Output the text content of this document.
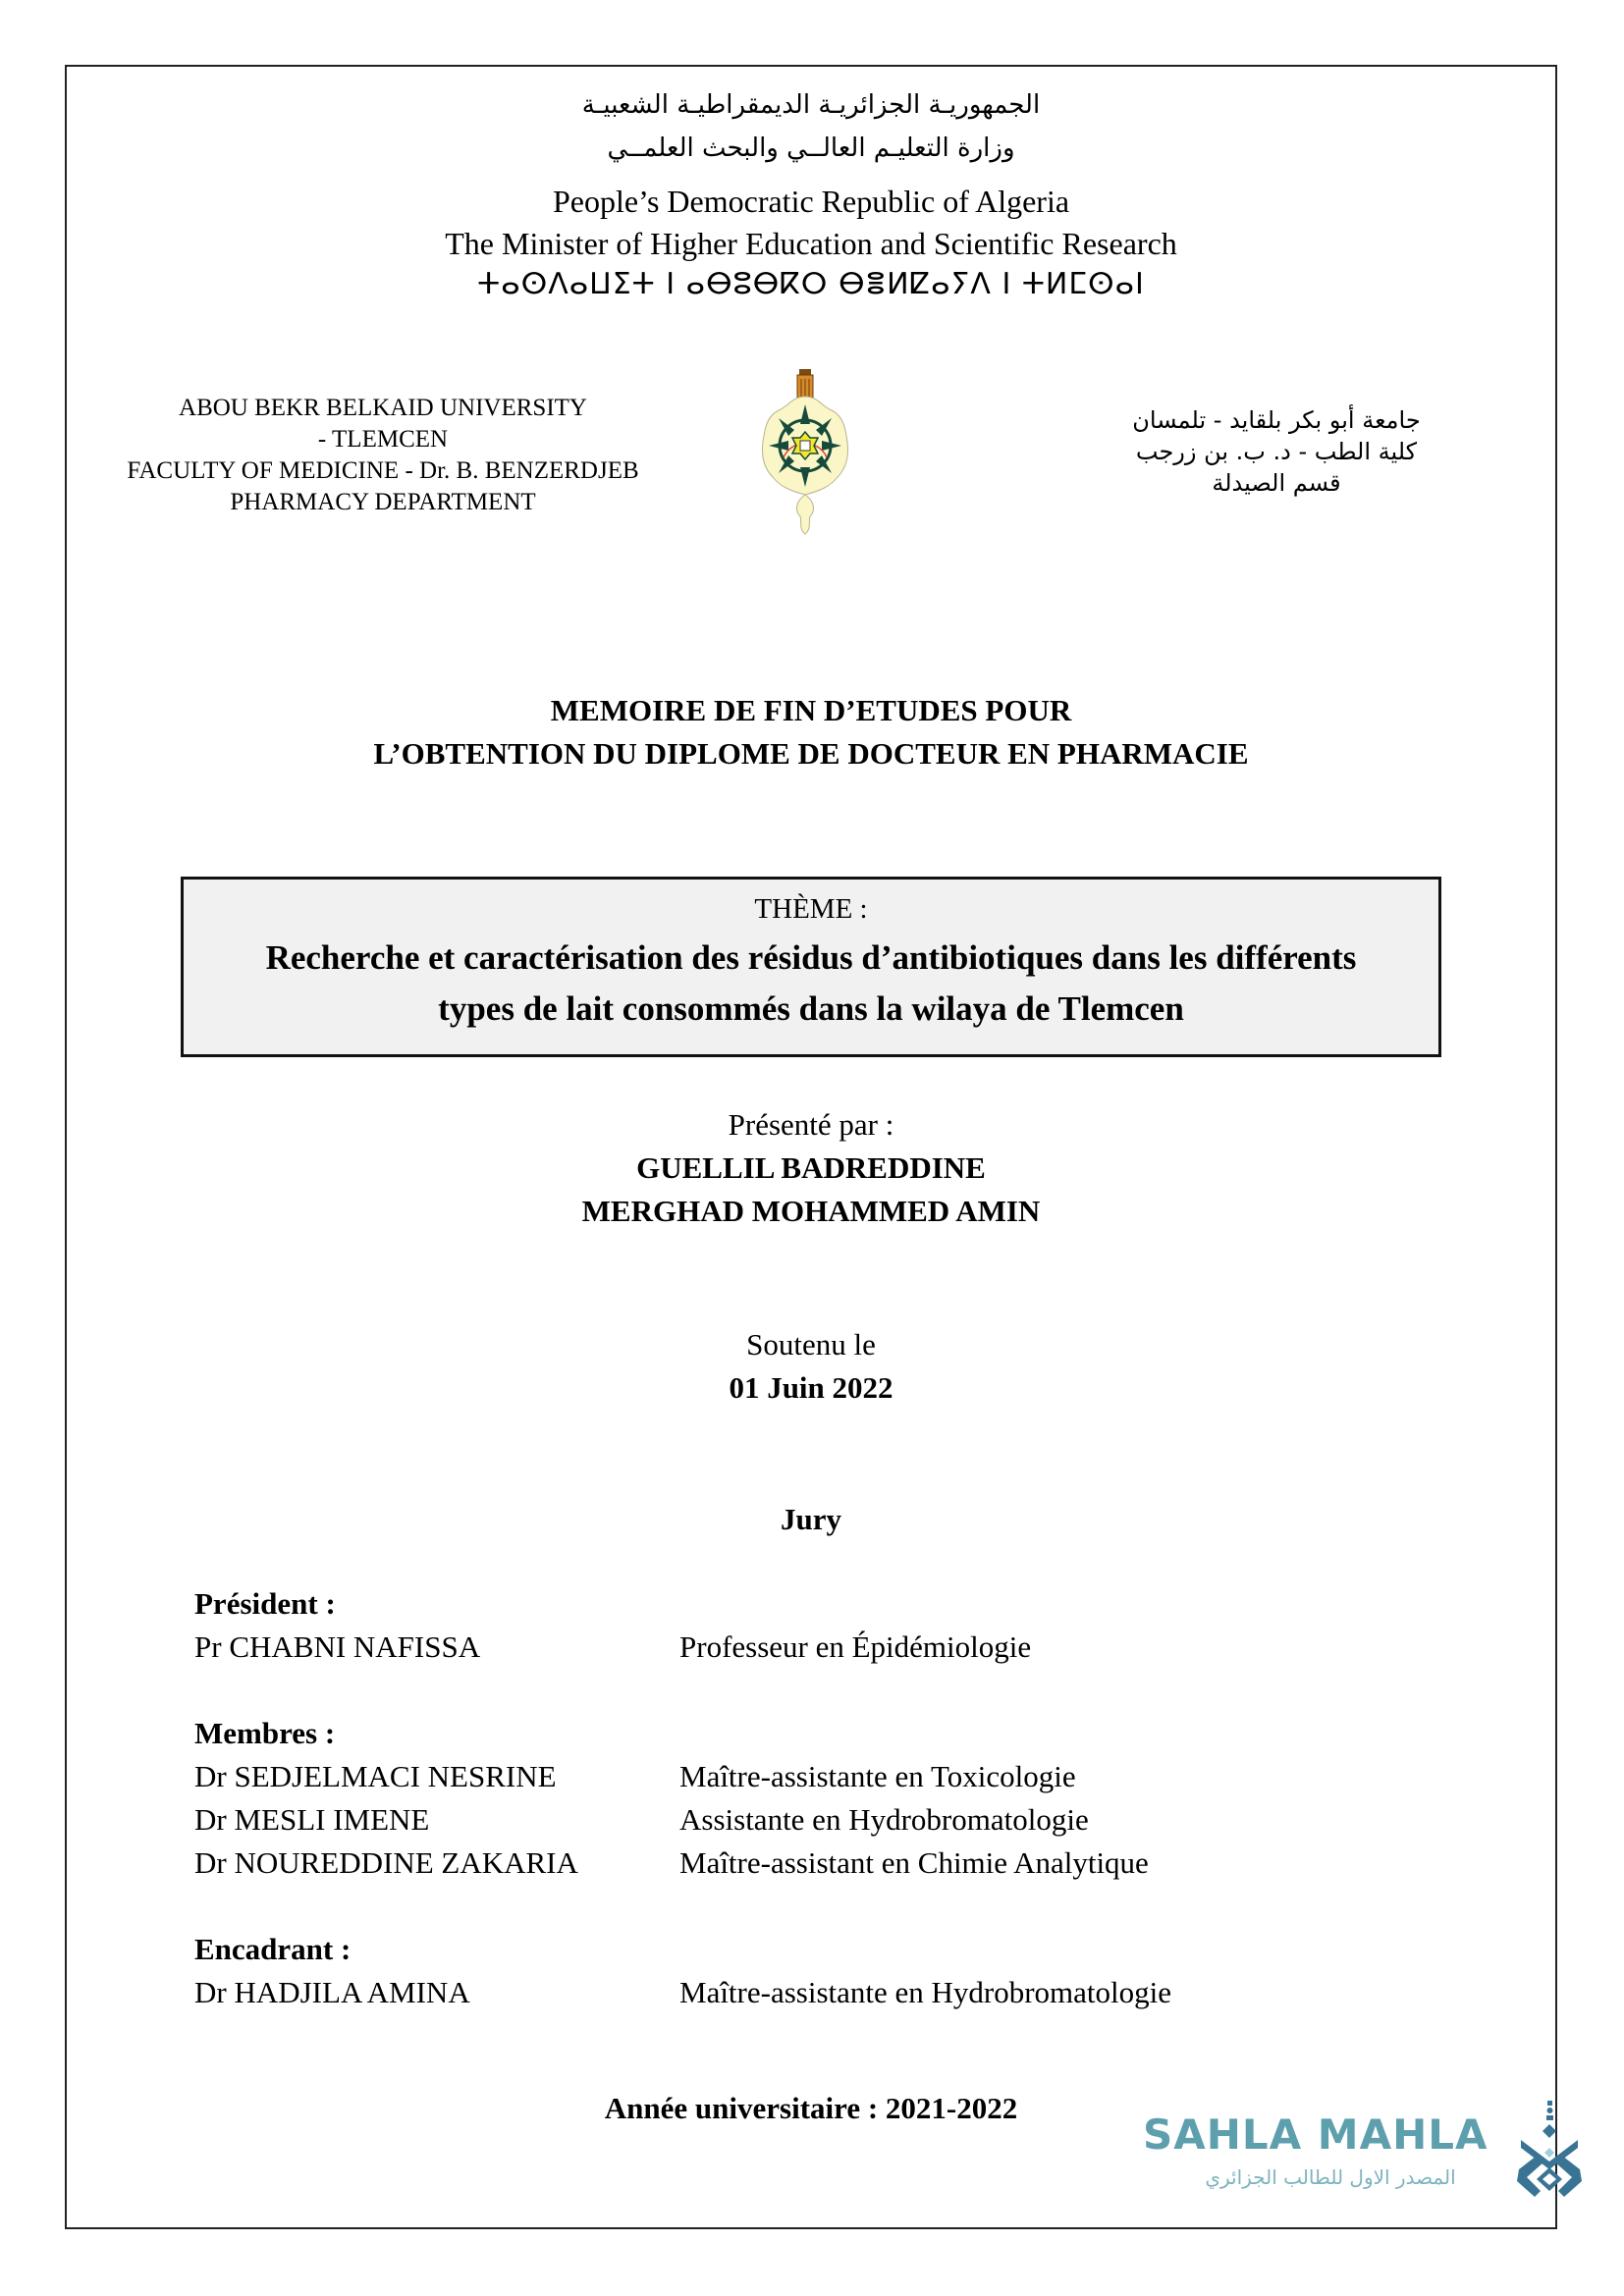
الجمهوريـة الجزائريـة الديمقراطيـة الشعبيـة
وزارة التعليـم العالــي والبحث العلمــي
People’s Democratic Republic of Algeria
The Minister of Higher Education and Scientific Research
ⵜⴰⵙⴷⴰⵡⵉⵜ ⵏ ⴰⴱⵓⴱⴽⵔ ⴱⴻⵍⵇⴰⵢⴷ ⵏ ⵜⵍⵎⵙⴰⵏ
ABOU BEKR BELKAID UNIVERSITY
- TLEMCEN
FACULTY OF MEDICINE - Dr. B. BENZERDJEB
PHARMACY DEPARTMENT
جامعة أبو بكر بلقايد - تلمسان
كلية الطب - د. ب. بن زرجب
قسم الصيدلة
MEMOIRE DE FIN D’ETUDES POUR
L’OBTENTION DU DIPLOME DE DOCTEUR EN PHARMACIE
THÈME :
Recherche et caractérisation des résidus d’antibiotiques dans les différents
types de lait consommés dans la wilaya de Tlemcen
Présenté par :
GUELLIL BADREDDINE
MERGHAD MOHAMMED AMIN
Soutenu le
01 Juin 2022
Jury
Président :
Pr CHABNI NAFISSA	Professeur en Épidémiologie
Membres :
Dr SEDJELMACI NESRINE	Maître-assistante en Toxicologie
Dr MESLI IMENE	Assistante en Hydrobromatologie
Dr NOUREDDINE ZAKARIA	Maître-assistant en Chimie Analytique
Encadrant :
Dr HADJILA AMINA	Maître-assistante en Hydrobromatologie
Année universitaire : 2021-2022
SAHLA MAHLA
المصدر الاول للطالب الجزائري
